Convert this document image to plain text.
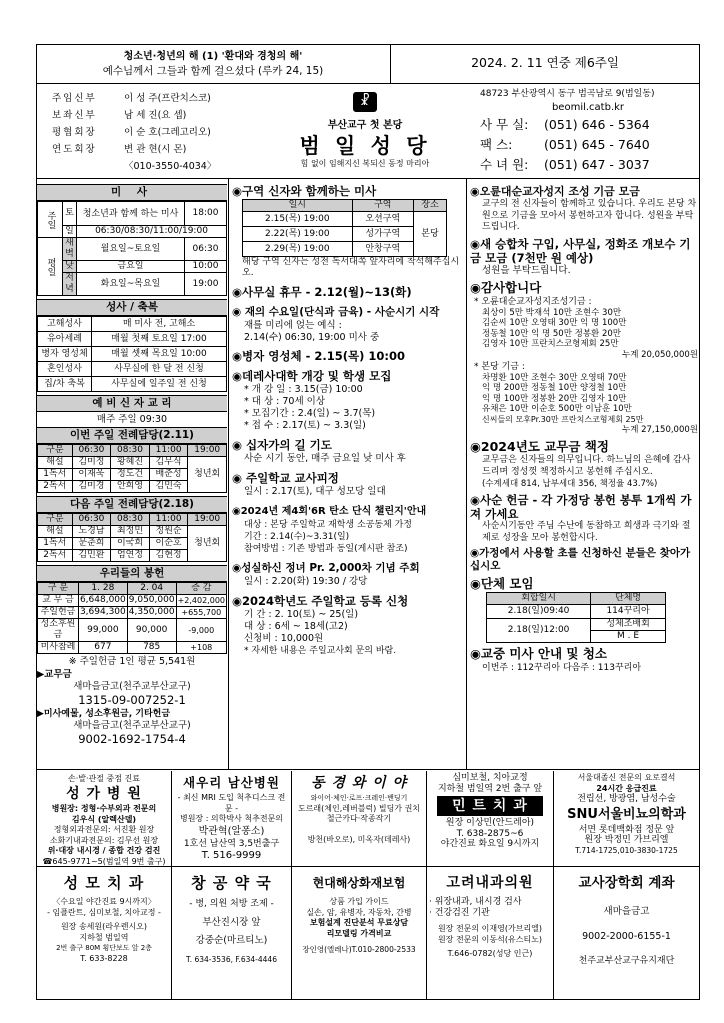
청소년·청년의 해 (1) '환대와 경청의 해'
예수님께서 그들과 함께 걸으셨다 (루카 24, 15)
2024. 2. 11 연중 제6주일
주임신부	이 성 주(프란치스코)
보좌신부	남 세 진(요 셉)
평협회장	이 순 호(그레고리오)
연도회장	변 관 현(시 몬)
〈010-3550-4034〉
☧
부산교구 첫 본당
범 일 성 당
힘 없이 임해지신 복되신 동정 마리아
48723 부산광역시 동구 범곡남로 9(범일동)
beomil.catb.kr
사 무 실: (051) 646 - 5364
팩 스:	(051) 645 - 7640
수 녀 원: (051) 647 - 3037
미 사
주일	토	청소년과 함께 하는 미사	18:00
	일	06:30/08:30/11:00/19:00	
평일	새벽	월요일~토요일	06:30
	낮	금요일	10:00
	저녁	화요일~목요일	19:00
성사 / 축복
고해성사	매 미사 전, 고해소
유아세례	매월 첫째 토요일 17:00
병자 영성체	매월 셋째 목요일 10:00
혼인성사	사무실에 한 달 전 신청
집/차 축복	사무실에 일주일 전 신청
예 비 신 자 교 리
매주 주일 09:30
이번 주일 전례담당(2.11)
구분	06:30	08:30	11:00	19:00
해설	김미정	황혜진	김무식	청년회
1독서	이재욱	정도건	배준성	
2독서	김미경	안희영	김민숙	
다음 주일 전례담당(2.18)
구분	06:30	08:30	11:00	19:00
해설	노경남	최정민	정원순	청년회
1독서	문춘희	이국희	이순호	
2독서	김민환	엄연정	김현정	
우리들의 봉헌
구 분	1. 28	2. 04	증 감
교 무 금	6,648,000	9,050,000	+2,402,000
주일헌금	3,694,300	4,350,000	+655,700
성소후원금	99,000	90,000	-9,000
미사참례	677	785	+108
※ 주일헌금 1인 평균 5,541원
▶교무금
새마을금고(천주교부산교구)
1315-09-007252-1
▶미사예물, 성소후원금, 기타헌금
새마을금고(천주교부산교구)
9002-1692-1754-4
◉구역 신자와 함께하는 미사
일시	구역	장소
2.15(목) 19:00	오션구역	본당
2.22(목) 19:00	성가구역	
2.29(목) 19:00	안창구역	
해당 구역 신자는 성전 독서대쪽 앞자리에 착석해주십시오.
◉사무실 휴무 - 2.12(월)~13(화)
◉ 재의 수요일(단식과 금육) - 사순시기 시작
재를 미리에 얹는 예식 :
2.14(수) 06:30, 19:00 미사 중
◉병자 영성체 - 2.15(목) 10:00
◉데레사대학 개강 및 학생 모집
* 개 강 일 : 3.15(금) 10:00
* 대 상 : 70세 이상
* 모집기간 : 2.4(일) ~ 3.7(목)
* 접 수 : 2.17(토) ~ 3.3(일)
◉ 십자가의 길 기도
사순 시기 동안, 매주 금요일 낮 미사 후
◉ 주일학교 교사피정
일시 : 2.17(토), 대구 성모당 일대
◉2024년 제4회'6R 탄소 단식 챌린지'안내
대상 : 본당 주일학교 재학생 소공동체 가정
기간 : 2.14(수)~3.31(일)
참여방법 : 기존 방법과 동일(게시판 참조)
◉성실하신 정녀 Pr. 2,000차 기념 주회
일시 : 2.20(화) 19:30 / 강당
◉2024학년도 주일학교 등록 신청
기 간 : 2. 10(토) ~ 25(일)
대 상 : 6세 ~ 18세(고2)
신청비 : 10,000원
* 자세한 내용은 주일교사회 문의 바람.
◉오륜대순교자성지 조성 기금 모금
교구의 전 신자들이 함께하고 있습니다. 우리도 본당 차원으로 기금을 모아서 봉헌하고자 합니다. 성원을 부탁드립니다.
◉새 승합차 구입, 사무실, 정화조 개보수 기금 모금 (7천만 원 예상)
성원을 부탁드립니다.
◉감사합니다
* 오륜대순교자성지조성기금 :
최상이 5만 박재석 10만 조현수 30만
김순씨 10만 오영태 30만 익 명 100만
정동철 10만 익 명 50만 정봉환 20만
김영자 10만 프란치스코형제회 25만
누계 20,050,000원
* 본당 기금 :
차명환 10만 조현수 30만 오영태 70만
익 명 200만 정동철 10만 양정철 10만
익 명 100만 정봉환 20만 김영자 10만
유채은 10만 이순호 500만 이남훈 10만
신씨들의 모후Pr.30만 프란치스코형제회 25만
누계 27,150,000원
◉2024년도 교무금 책정
교무금은 신자들의 의무입니다. 하느님의 은혜에 감사드리며 정성껏 책정하시고 봉헌해 주십시오.
(수계세대 814, 납부세대 356, 책정율 43.7%)
◉사순 헌금 - 각 가정당 봉헌 봉투 1개씩 가져 가세요
사순시기동안 주님 수난에 동참하고 희생과 극기와 절제로 성장을 모아 봉헌합시다.
◉가정에서 사용할 초를 신청하신 분들은 찾아가십시오
◉단체 모임
회합일시	단체명
2.18(일)09:40	114꾸리아
2.18(일)12:00	성체조배회
	M . E
◉교중 미사 안내 및 청소
이번주 : 112꾸리아 다음주 : 113꾸리아
손·발·관절 중점 진료
성 가 병 원
병원장: 정형·수부외과 전문의
김우식 (알렉산델)
정형외과전문의: 서진환 원장
소화기내과전문의: 김무선 원장
위·대장 내시경 / 종합 건강 검진
☎645-9771~5(범일역 9번 출구)
새우리 남산병원
- 최신 MRI 도입 척추디스크 전문 -
병원장 : 의학박사 척추전문의
박관혁(알퐁소)
1호선 남산역 3,5번출구
T. 516-9999
동 경 와 이 야
와이어·체인·로프·크레인·밴딩기
도르래(체인,레버블럭) 빌딩가 권치
철근카다·작종작기
방천(바오로), 미옥자(데레사)
심미보철, 치아교정
지하철 범일역 2번 출구 앞
민 트 치 과
원장 이상민(안드레아)
T. 638-2875~6
야간진료 화요일 9시까지
서울대졸신 전문의 요로결석
24시간 응급진료
전립선, 방광염, 남성수술
SNU서울비뇨의학과
서면 롯데백화점 정문 앞
원장 박정민 가브리엘
T.714-1725,010-3830-1725
성 모 치 과
〈수요일 야간진료 9시까지〉
- 임플란트, 심미보철, 치아교정 -
원장 송세원(라우렌시오)
지하철 범일역
2번 출구 80M 횡단보도 앞 2층
T. 633-8228
창 공 약 국
- 병, 의원 처방 조제 -
부산진시장 앞
강중순(마르티노)
T. 634-3536, F.634-4446
현대해상화재보험
상품 가입 가이드
실손, 암, 유병자, 자동차, 간병
보험설계 진단분석 무료상담
리모델링 가격비교
장인영(엘레나)T.010-2800-2533
고려내과의원
· 위장내과, 내시경 검사
· 건강검진 기관
원장 전문의 이재영(가브리엘)
원장 전문의 이동석(유스티노)
T.646-0782(성당 인근)
교사장학회 계좌
새마을금고
9002-2000-6155-1
천주교부산교구유지재단
